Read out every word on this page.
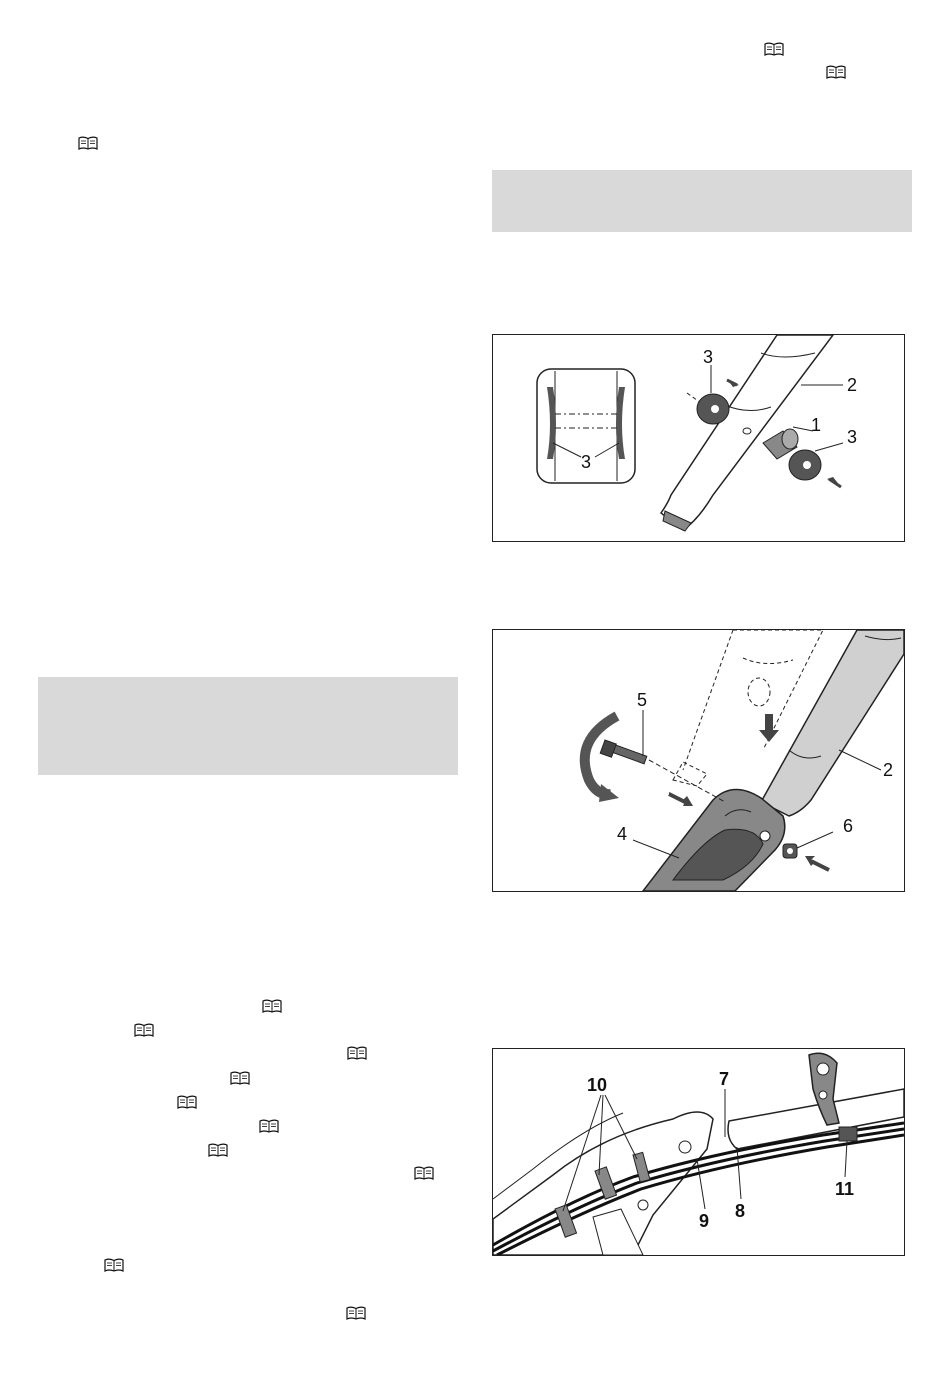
3
3
2
1
3
5
2
6
4
10	7
8
9
11
